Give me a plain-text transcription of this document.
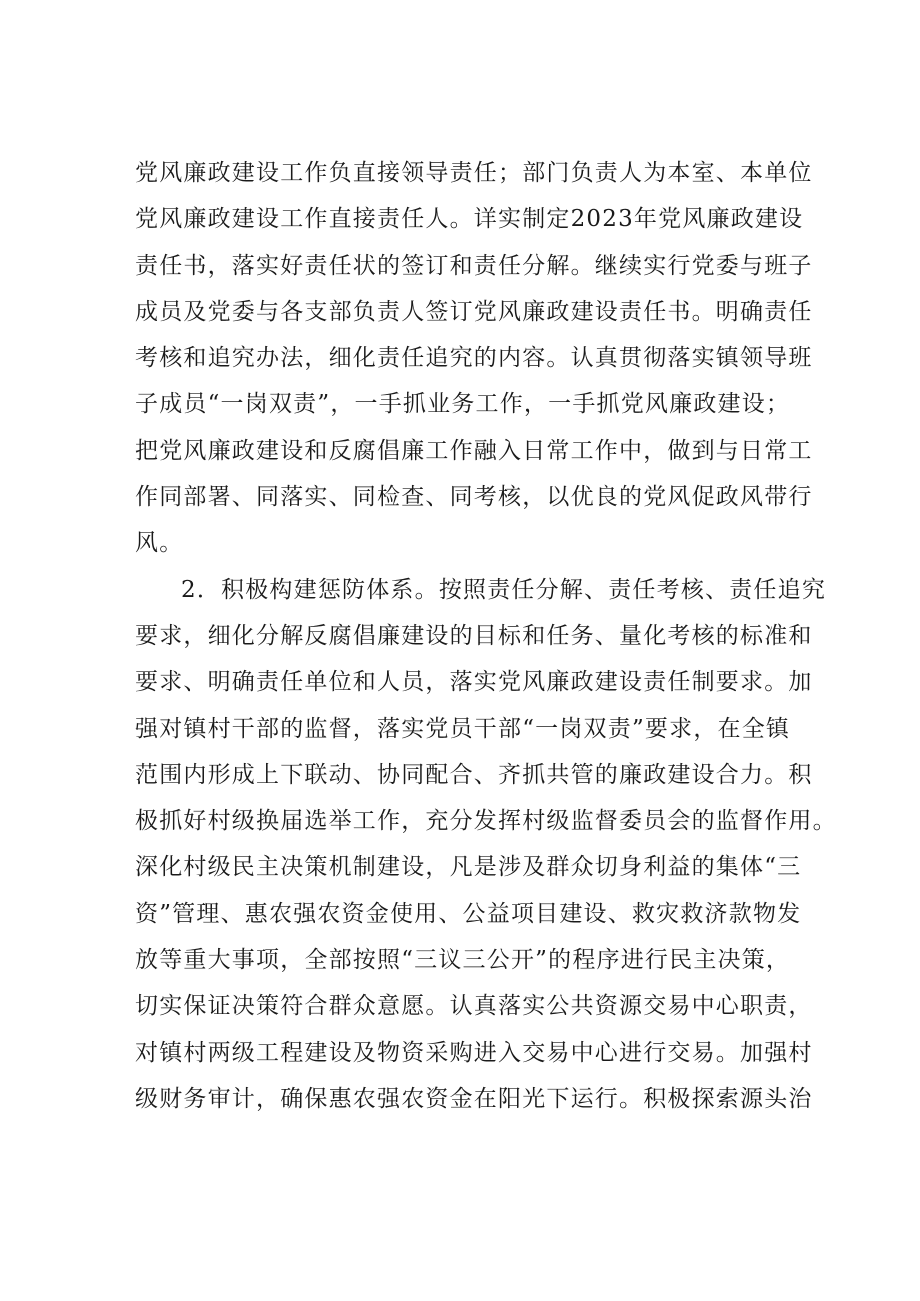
党风廉政建设工作负直接领导责任；部门负责人为本室、本单位
党风廉政建设工作直接责任人。详实制定2023年党风廉政建设
责任书，落实好责任状的签订和责任分解。继续实行党委与班子
成员及党委与各支部负责人签订党风廉政建设责任书。明确责任
考核和追究办法，细化责任追究的内容。认真贯彻落实镇领导班
子成员“一岗双责”，一手抓业务工作，一手抓党风廉政建设；
把党风廉政建设和反腐倡廉工作融入日常工作中，做到与日常工
作同部署、同落实、同检查、同考核，以优良的党风促政风带行
风。
2．积极构建惩防体系。按照责任分解、责任考核、责任追究
要求，细化分解反腐倡廉建设的目标和任务、量化考核的标准和
要求、明确责任单位和人员，落实党风廉政建设责任制要求。加
强对镇村干部的监督，落实党员干部“一岗双责”要求，在全镇
范围内形成上下联动、协同配合、齐抓共管的廉政建设合力。积
极抓好村级换届选举工作，充分发挥村级监督委员会的监督作用。
深化村级民主决策机制建设，凡是涉及群众切身利益的集体“三
资”管理、惠农强农资金使用、公益项目建设、救灾救济款物发
放等重大事项，全部按照“三议三公开”的程序进行民主决策，
切实保证决策符合群众意愿。认真落实公共资源交易中心职责，
对镇村两级工程建设及物资采购进入交易中心进行交易。加强村
级财务审计，确保惠农强农资金在阳光下运行。积极探索源头治
